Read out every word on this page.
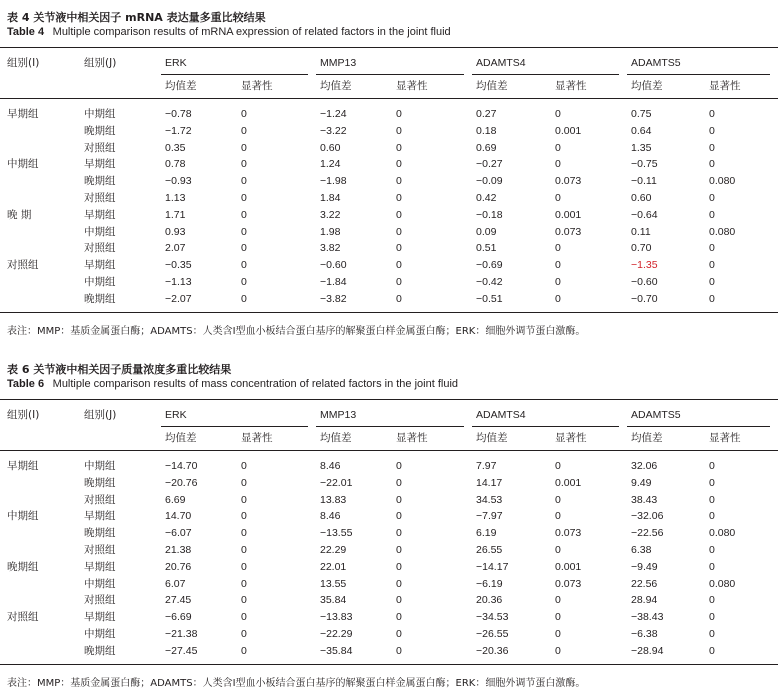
表 4 关节液中相关因子 mRNA 表达量多重比较结果
Table 4  Multiple comparison results of mRNA expression of related factors in the joint fluid
组别(I)	组别(J)	ERK
均值差	显著性
MMP13
均值差	显著性
ADAMTS4
均值差	显著性
ADAMTS5
均值差	显著性
早期组	中期组	−0.78	0	−1.24	0	0.27	0	0.75	0
晚期组	−1.72	0	−3.22	0	0.18	0.001	0.64	0
对照组	0.35	0	0.60	0	0.69	0	1.35	0
中期组	早期组	0.78	0	1.24	0	−0.27	0	−0.75	0
晚期组	−0.93	0	−1.98	0	−0.09	0.073	−0.11	0.080
对照组	1.13	0	1.84	0	0.42	0	0.60	0
晚 期	早期组	1.71	0	3.22	0	−0.18	0.001	−0.64	0
中期组	0.93	0	1.98	0	0.09	0.073	0.11	0.080
对照组	2.07	0	3.82	0	0.51	0	0.70	0
对照组	早期组	−0.35	0	−0.60	0	−0.69	0	−1.35	0
中期组	−1.13	0	−1.84	0	−0.42	0	−0.60	0
晚期组	−2.07	0	−3.82	0	−0.51	0	−0.70	0
表注：MMP：基质金属蛋白酶；ADAMTS：人类含Ⅰ型血小板结合蛋白基序的解聚蛋白样金属蛋白酶；ERK：细胞外调节蛋白激酶。
表 6 关节液中相关因子质量浓度多重比较结果
Table 6  Multiple comparison results of mass concentration of related factors in the joint fluid
组别(I)	组别(J)	ERK
均值差	显著性
MMP13
均值差	显著性
ADAMTS4
均值差	显著性
ADAMTS5
均值差	显著性
早期组	中期组	−14.70	0	8.46	0	7.97	0	32.06	0
晚期组	−20.76	0	−22.01	0	14.17	0.001	9.49	0
对照组	6.69	0	13.83	0	34.53	0	38.43	0
中期组	早期组	14.70	0	8.46	0	−7.97	0	−32.06	0
晚期组	−6.07	0	−13.55	0	6.19	0.073	−22.56	0.080
对照组	21.38	0	22.29	0	26.55	0	6.38	0
晚期组	早期组	20.76	0	22.01	0	−14.17	0.001	−9.49	0
中期组	6.07	0	13.55	0	−6.19	0.073	22.56	0.080
对照组	27.45	0	35.84	0	20.36	0	28.94	0
对照组	早期组	−6.69	0	−13.83	0	−34.53	0	−38.43	0
中期组	−21.38	0	−22.29	0	−26.55	0	−6.38	0
晚期组	−27.45	0	−35.84	0	−20.36	0	−28.94	0
表注：MMP：基质金属蛋白酶；ADAMTS：人类含Ⅰ型血小板结合蛋白基序的解聚蛋白样金属蛋白酶；ERK：细胞外调节蛋白激酶。
